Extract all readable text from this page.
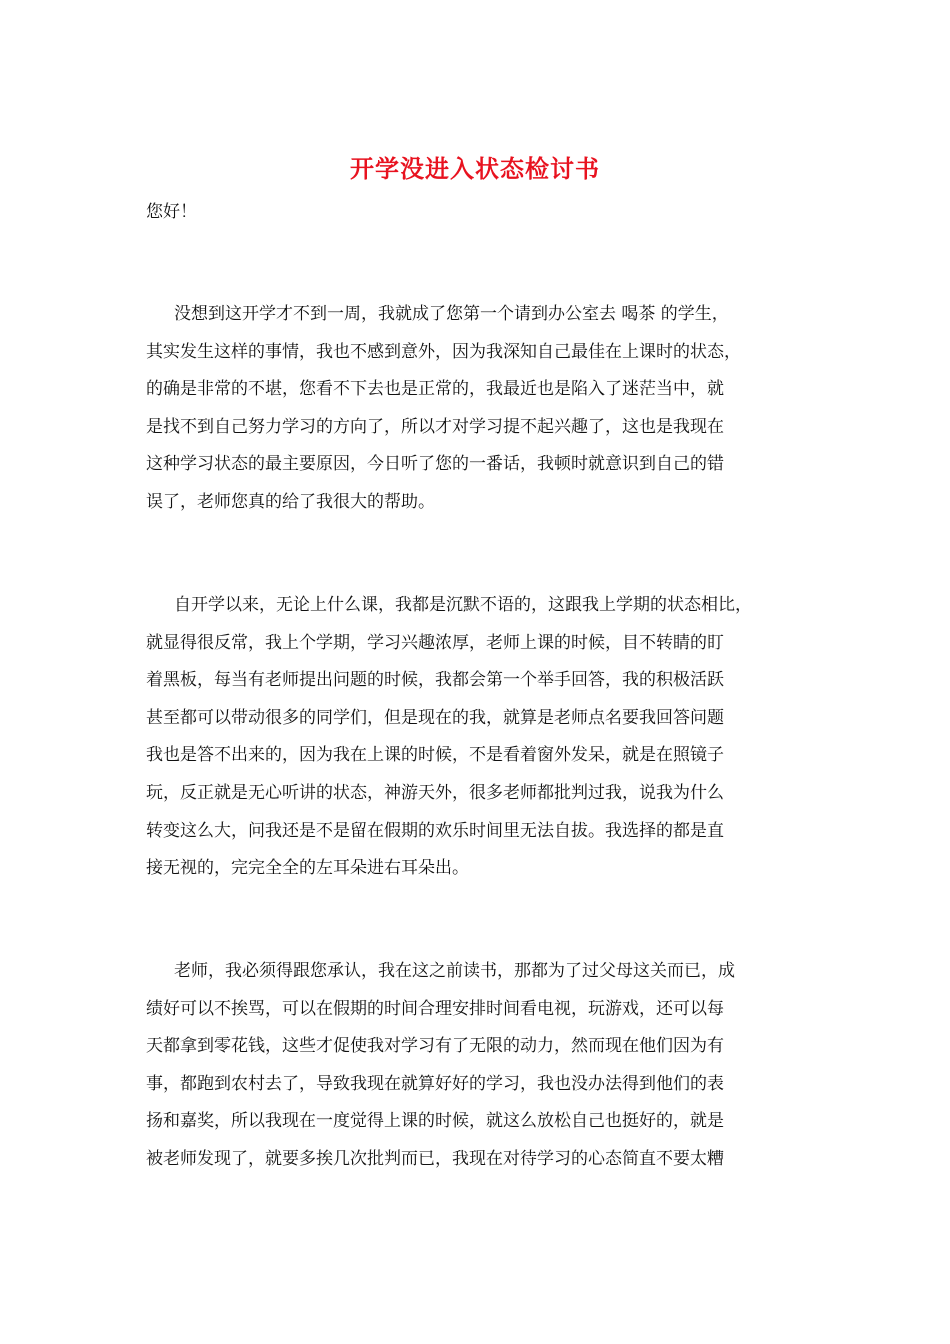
开学没进入状态检讨书
您好！
没想到这开学才不到一周，我就成了您第一个请到办公室去 喝茶 的学生，
其实发生这样的事情，我也不感到意外，因为我深知自己最佳在上课时的状态，
的确是非常的不堪，您看不下去也是正常的，我最近也是陷入了迷茫当中，就
是找不到自己努力学习的方向了，所以才对学习提不起兴趣了，这也是我现在
这种学习状态的最主要原因，今日听了您的一番话，我顿时就意识到自己的错
误了，老师您真的给了我很大的帮助。
自开学以来，无论上什么课，我都是沉默不语的，这跟我上学期的状态相比，
就显得很反常，我上个学期，学习兴趣浓厚，老师上课的时候，目不转睛的盯
着黑板，每当有老师提出问题的时候，我都会第一个举手回答，我的积极活跃
甚至都可以带动很多的同学们，但是现在的我，就算是老师点名要我回答问题
我也是答不出来的，因为我在上课的时候，不是看着窗外发呆，就是在照镜子
玩，反正就是无心听讲的状态，神游天外，很多老师都批判过我，说我为什么
转变这么大，问我还是不是留在假期的欢乐时间里无法自拔。我选择的都是直
接无视的，完完全全的左耳朵进右耳朵出。
老师，我必须得跟您承认，我在这之前读书，那都为了过父母这关而已，成
绩好可以不挨骂，可以在假期的时间合理安排时间看电视，玩游戏，还可以每
天都拿到零花钱，这些才促使我对学习有了无限的动力，然而现在他们因为有
事，都跑到农村去了，导致我现在就算好好的学习，我也没办法得到他们的表
扬和嘉奖，所以我现在一度觉得上课的时候，就这么放松自己也挺好的，就是
被老师发现了，就要多挨几次批判而已，我现在对待学习的心态简直不要太糟
